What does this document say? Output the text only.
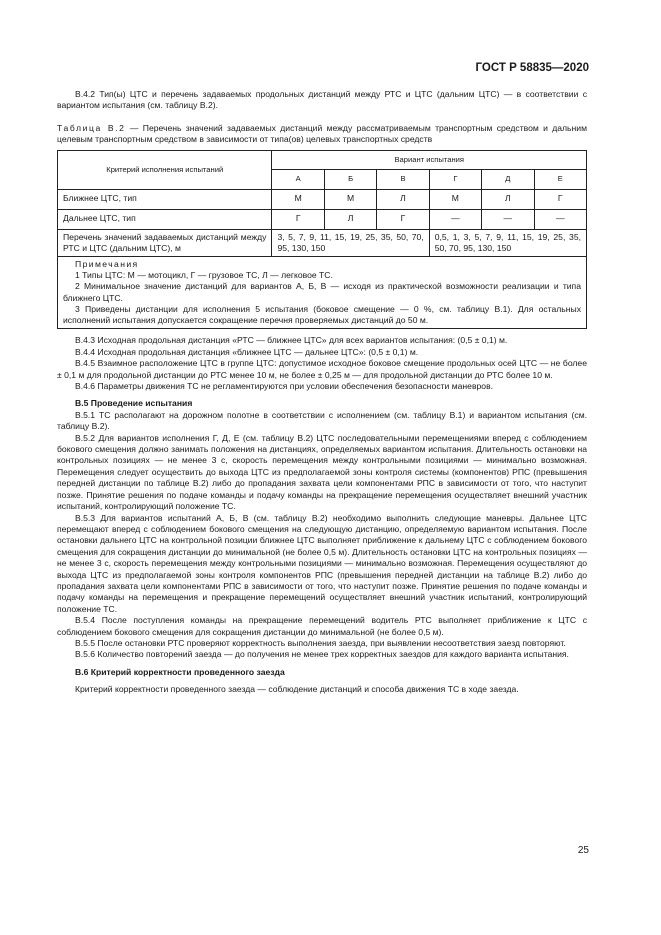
ГОСТ Р 58835—2020

В.4.2 Тип(ы) ЦТС и перечень задаваемых продольных дистанций между РТС и ЦТС (дальним ЦТС) — в соответствии с вариантом испытания (см. таблицу В.2).

Таблица В.2 — Перечень значений задаваемых дистанций между рассматриваемым транспортным средством и дальним целевым транспортным средством в зависимости от типа(ов) целевых транспортных средств

Критерий исполнения испытаний	Вариант испытания					
	А	Б	В	Г	Д	Е
Ближнее ЦТС, тип	М	М	Л	М	Л	Г
Дальнее ЦТС, тип	Г	Л	Г	—	—	—
Перечень значений задаваемых дистанций между РТС и ЦТС (дальним ЦТС), м	3, 5, 7, 9, 11, 15, 19, 25, 35, 50, 70, 95, 130, 150			0,5, 1, 3, 5, 7, 9, 11, 15, 19, 25, 35, 50, 70, 95, 130, 150		

Примечания

1 Типы ЦТС: М — мотоцикл, Г — грузовое ТС, Л — легковое ТС.

2 Минимальное значение дистанций для вариантов А, Б, В — исходя из практической возможности реализации и типа ближнего ЦТС.

3 Приведены дистанции для исполнения 5 испытания (боковое смещение — 0 %, см. таблицу В.1). Для остальных исполнений испытания допускается сокращение перечня проверяемых дистанций до 50 м.						

В.4.3 Исходная продольная дистанция «РТС — ближнее ЦТС» для всех вариантов испытания: (0,5 ± 0,1) м.

В.4.4 Исходная продольная дистанция «ближнее ЦТС — дальнее ЦТС»: (0,5 ± 0,1) м.

В.4.5 Взаимное расположение ЦТС в группе ЦТС: допустимое исходное боковое смещение продольных осей ЦТС — не более ± 0,1 м для продольной дистанции до РТС менее 10 м, не более ± 0,25 м — для продольной дистанции до РТС более 10 м.

В.4.6 Параметры движения ТС не регламентируются при условии обеспечения безопасности маневров.

В.5 Проведение испытания

В.5.1 ТС располагают на дорожном полотне в соответствии с исполнением (см. таблицу В.1) и вариантом испытания (см. таблицу В.2).

В.5.2 Для вариантов исполнения Г, Д, Е (см. таблицу В.2) ЦТС последовательными перемещениями вперед с соблюдением бокового смещения должно занимать положения на дистанциях, определяемых вариантом испытания. Длительность остановки на контрольных позициях — не менее 3 с, скорость перемещения между контрольными позициями — минимально возможная. Перемещения следует осуществить до выхода ЦТС из предполагаемой зоны контроля системы (компонентов) РПС (превышения передней дистанции по таблице В.2) либо до пропадания захвата цели компонентами РПС в зависимости от того, что наступит позже. Принятие решения по подаче команды и подачу команды на прекращение перемещения осуществляет внешний участник испытаний, контролирующий положение ТС.

В.5.3 Для вариантов испытаний А, Б, В (см. таблицу В.2) необходимо выполнить следующие маневры. Дальнее ЦТС перемещают вперед с соблюдением бокового смещения на следующую дистанцию, определяемую вариантом испытания. После остановки дальнего ЦТС на контрольной позиции ближнее ЦТС выполняет приближение к дальнему ЦТС с соблюдением бокового смещения для сокращения дистанции до минимальной (не более 0,5 м). Длительность остановки ЦТС на контрольных позициях — не менее 3 с, скорость перемещения между контрольными позициями — минимально возможная. Перемещения осуществляют до выхода ЦТС из предполагаемой зоны контроля компонентов РПС (превышения передней дистанции на таблице В.2) либо до пропадания захвата цели компонентами РПС в зависимости от того, что наступит позже. Принятие решения по подаче команды и подачу команды на перемещения и прекращение перемещений осуществляет внешний участник испытаний, контролирующий положение ТС.

В.5.4 После поступления команды на прекращение перемещений водитель РТС выполняет приближение к ЦТС с соблюдением бокового смещения для сокращения дистанции до минимальной (не более 0,5 м).

В.5.5 После остановки РТС проверяют корректность выполнения заезда, при выявлении несоответствия заезд повторяют.

В.5.6 Количество повторений заезда — до получения не менее трех корректных заездов для каждого варианта испытания.

В.6 Критерий корректности проведенного заезда

Критерий корректности проведенного заезда — соблюдение дистанций и способа движения ТС в ходе заезда.

25
